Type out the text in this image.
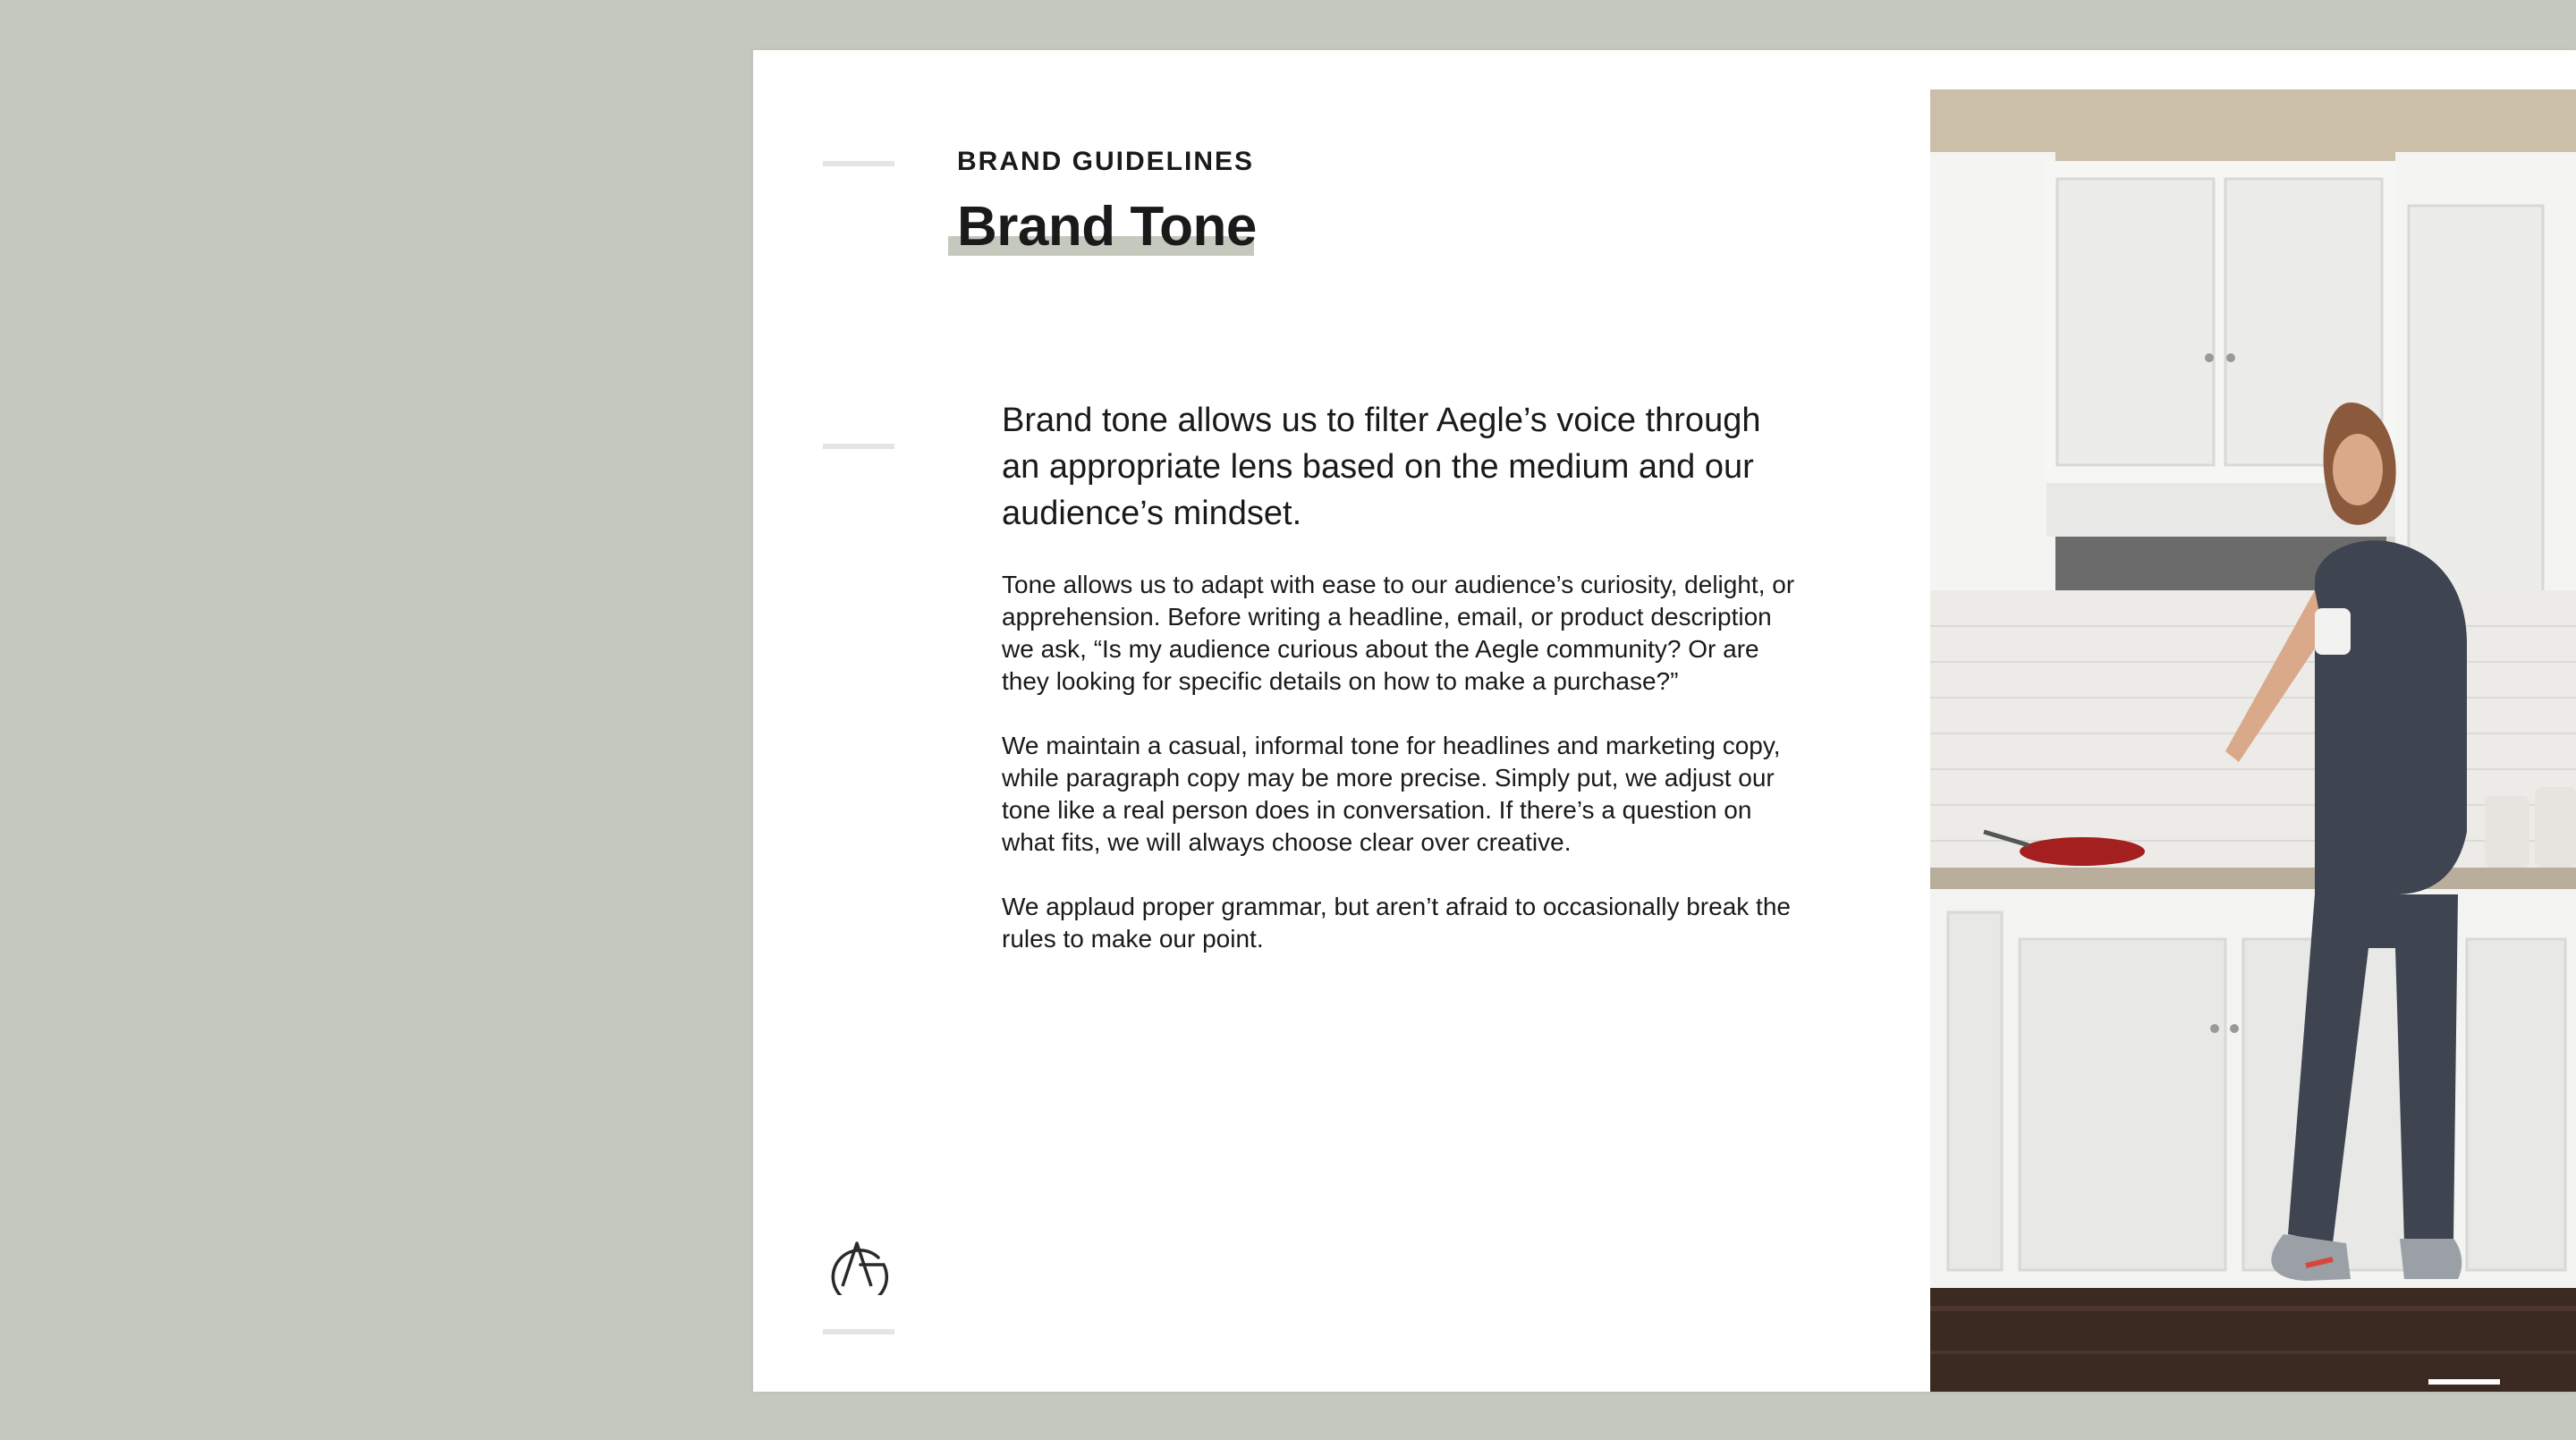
BRAND GUIDELINES
Brand Tone

Brand tone allows us to filter Aegle’s voice through an appropriate lens based on the medium and our audience’s mindset.

Tone allows us to adapt with ease to our audience’s curiosity, delight, or apprehension. Before writing a headline, email, or product description we ask, “Is my audience curious about the Aegle community? Or are they looking for specific details on how to make a purchase?”

We maintain a casual, informal tone for headlines and marketing copy, while paragraph copy may be more precise. Simply put, we adjust our tone like a real person does in conversation. If there’s a question on what fits, we will always choose clear over creative.

We applaud proper grammar, but aren’t afraid to occasionally break the rules to make our point.
